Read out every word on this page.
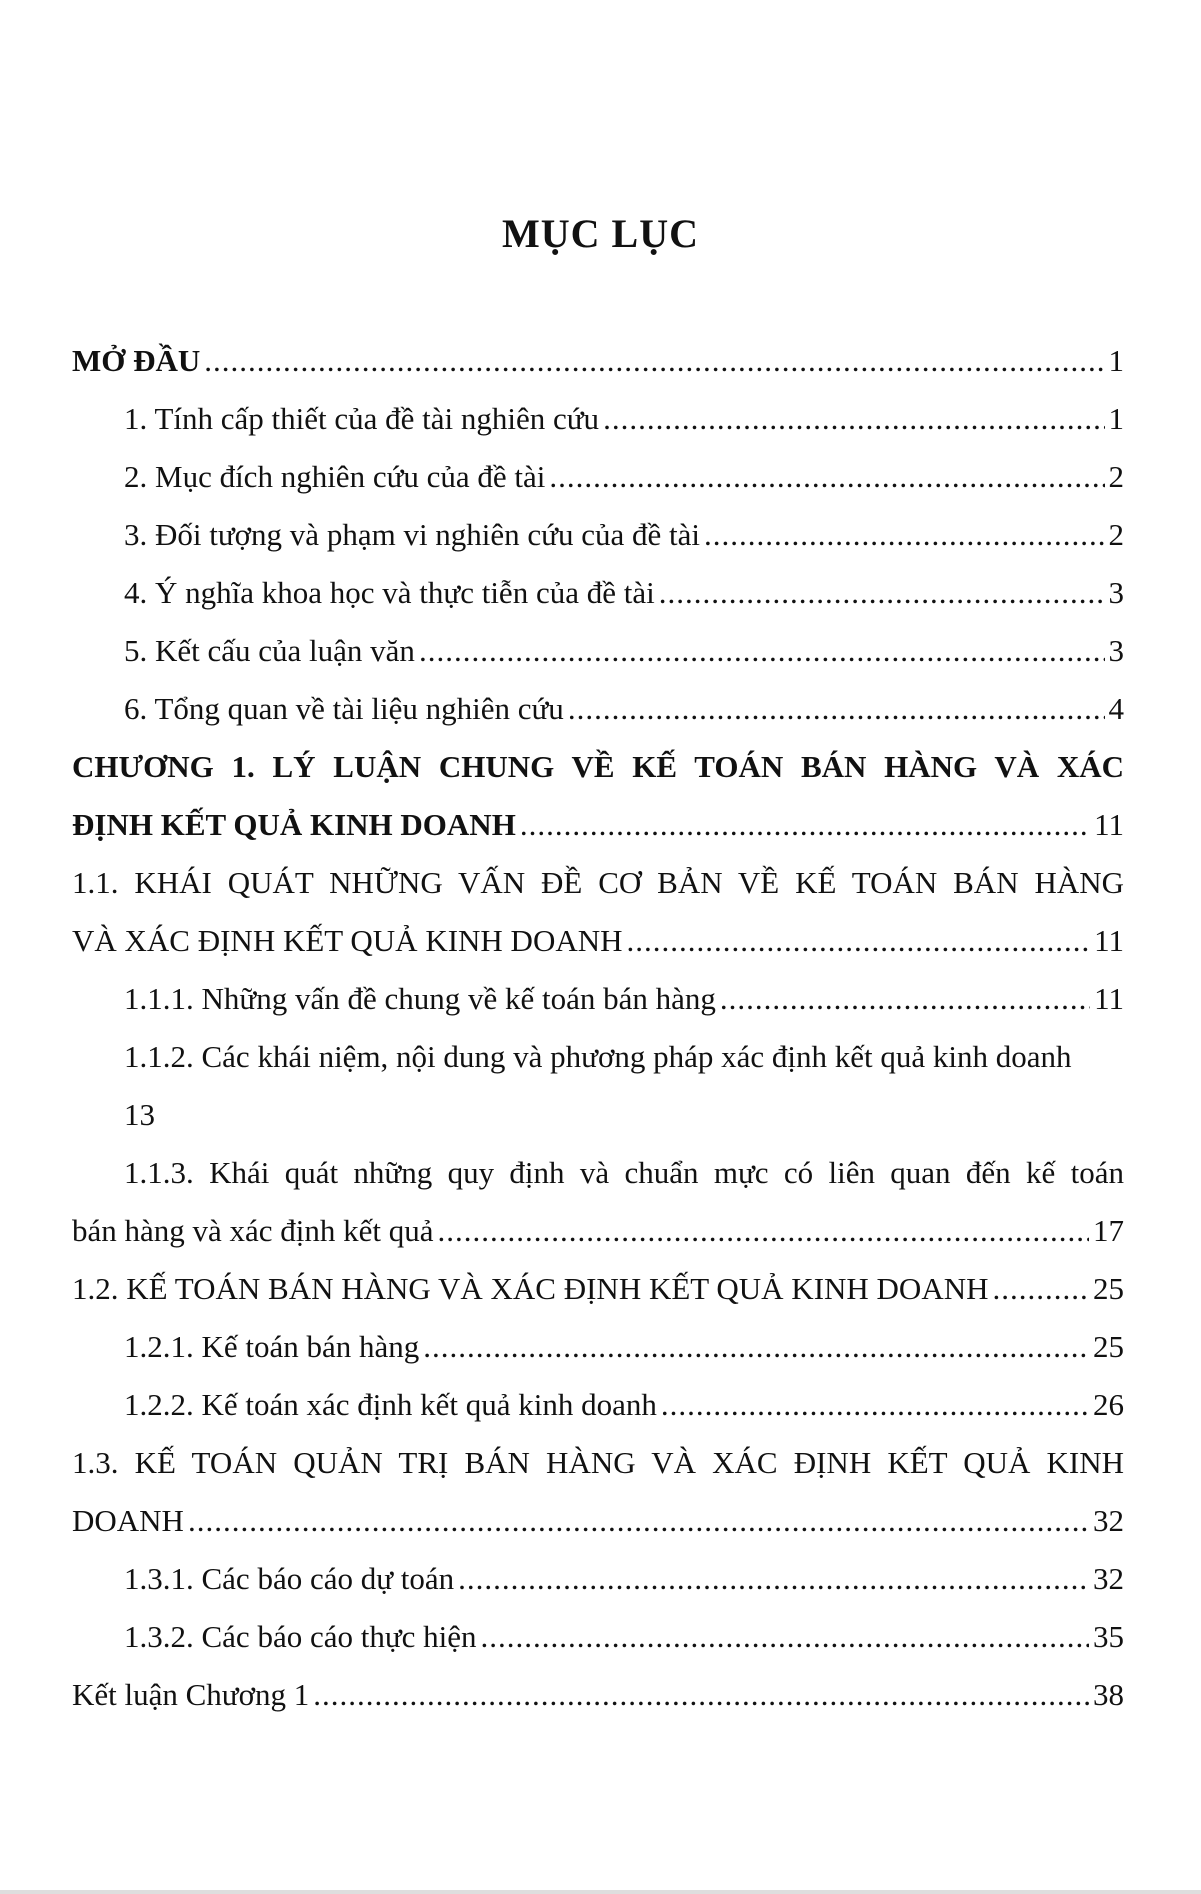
MỤC LỤC
MỞ ĐẦU .....	1
1. Tính cấp thiết của đề tài nghiên cứu .....	1
2. Mục đích nghiên cứu của đề tài .....	2
3. Đối tượng và phạm vi nghiên cứu của đề tài .....	2
4. Ý nghĩa khoa học và thực tiễn của đề tài .....	3
5. Kết cấu của luận văn .....	3
6. Tổng quan về tài liệu nghiên cứu .....	4
CHƯƠNG 1. LÝ LUẬN CHUNG VỀ KẾ TOÁN BÁN HÀNG VÀ XÁC
ĐỊNH KẾT QUẢ KINH DOANH .....	11
1.1. KHÁI QUÁT NHỮNG VẤN ĐỀ CƠ BẢN VỀ KẾ TOÁN BÁN HÀNG
VÀ XÁC ĐỊNH KẾT QUẢ KINH DOANH .....	11
1.1.1. Những vấn đề chung về kế toán bán hàng .....	11
1.1.2. Các khái niệm, nội dung và phương pháp xác định kết quả kinh doanh
13
1.1.3. Khái quát những quy định và chuẩn mực có liên quan đến kế toán
bán hàng và xác định kết quả .....	17
1.2. KẾ TOÁN BÁN HÀNG VÀ XÁC ĐỊNH KẾT QUẢ KINH DOANH .....	25
1.2.1. Kế toán bán hàng .....	25
1.2.2. Kế toán xác định kết quả kinh doanh .....	26
1.3. KẾ TOÁN QUẢN TRỊ BÁN HÀNG VÀ XÁC ĐỊNH KẾT QUẢ KINH
DOANH .....	32
1.3.1. Các báo cáo dự toán .....	32
1.3.2. Các báo cáo thực hiện .....	35
Kết luận Chương 1 .....	38
